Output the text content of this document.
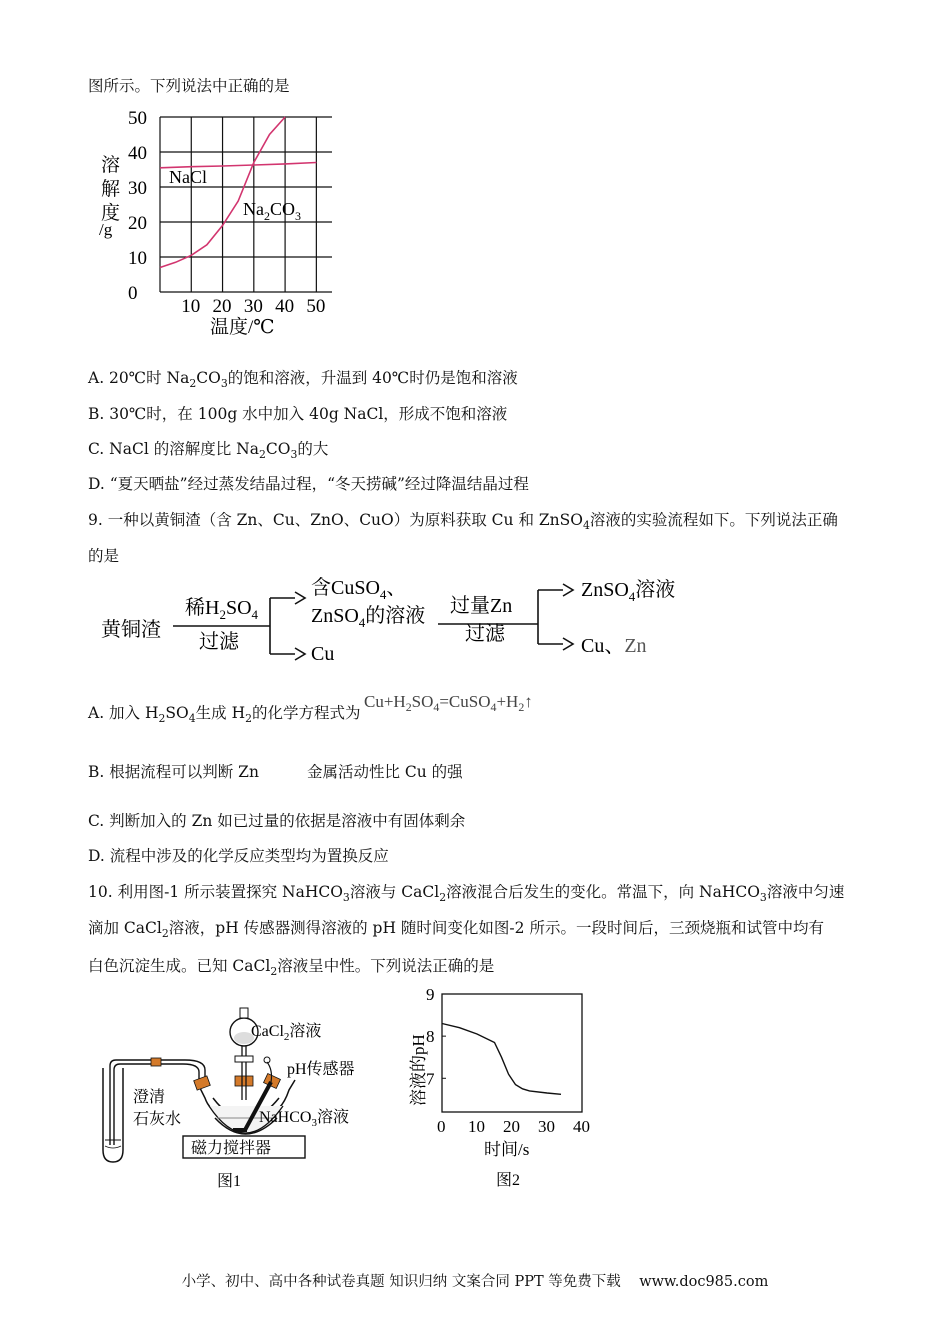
图所示。下列说法中正确的是
0
10
20
30
40
50
10 20 30 40 50
溶
解
度
/g
温度/℃
NaCl
$Na_2CO_3$
A. 20℃时 $Na_2CO_3$的饱和溶液，升温到 40℃时仍是饱和溶液
B. 30℃时，在 100g 水中加入 40g NaCl，形成不饱和溶液
C. NaCl 的溶解度比 $Na_2CO_3$的大
D. “夏天晒盐”经过蒸发结晶过程，“冬天捞碱”经过降温结晶过程
9. 一种以黄铜渣（含 Zn、Cu、ZnO、CuO）为原料获取 Cu 和 ZnSO$_4$溶液的实验流程如下。下列说法正确
的是
黄铜渣
稀$H_2SO_4$
过滤
含CuSO$_4$、
ZnSO$_4$的溶液
Cu
过量Zn
过滤
ZnSO$_4$溶液
Cu、Zn
A. 加入 $H_2SO_4$生成 $H_2$的化学方程式为
$Cu+H_2SO_4=CuSO_4+H_2↑$
B. 根据流程可以判断 Zn	金属活动性比 Cu 的强
C. 判断加入的 Zn 如已过量的依据是溶液中有固体剩余
D. 流程中涉及的化学反应类型均为置换反应
10. 利用图-1 所示装置探究 NaHCO$_3$溶液与 CaCl$_2$溶液混合后发生的变化。常温下，向 NaHCO$_3$溶液中匀速
滴加 CaCl$_2$溶液，pH 传感器测得溶液的 pH 随时间变化如图-2 所示。一段时间后，三颈烧瓶和试管中均有
白色沉淀生成。已知 CaCl$_2$溶液呈中性。下列说法正确的是
磁力搅拌器
CaCl$_2$溶液
pH传感器
澄清
石灰水	NaHCO$_3$溶液
图1
7
8
9
0 10 20 30 40
溶液的pH
时间/s
图2
小学、初中、高中各种试卷真题 知识归纳 文案合同 PPT 等免费下载 www.doc985.com
